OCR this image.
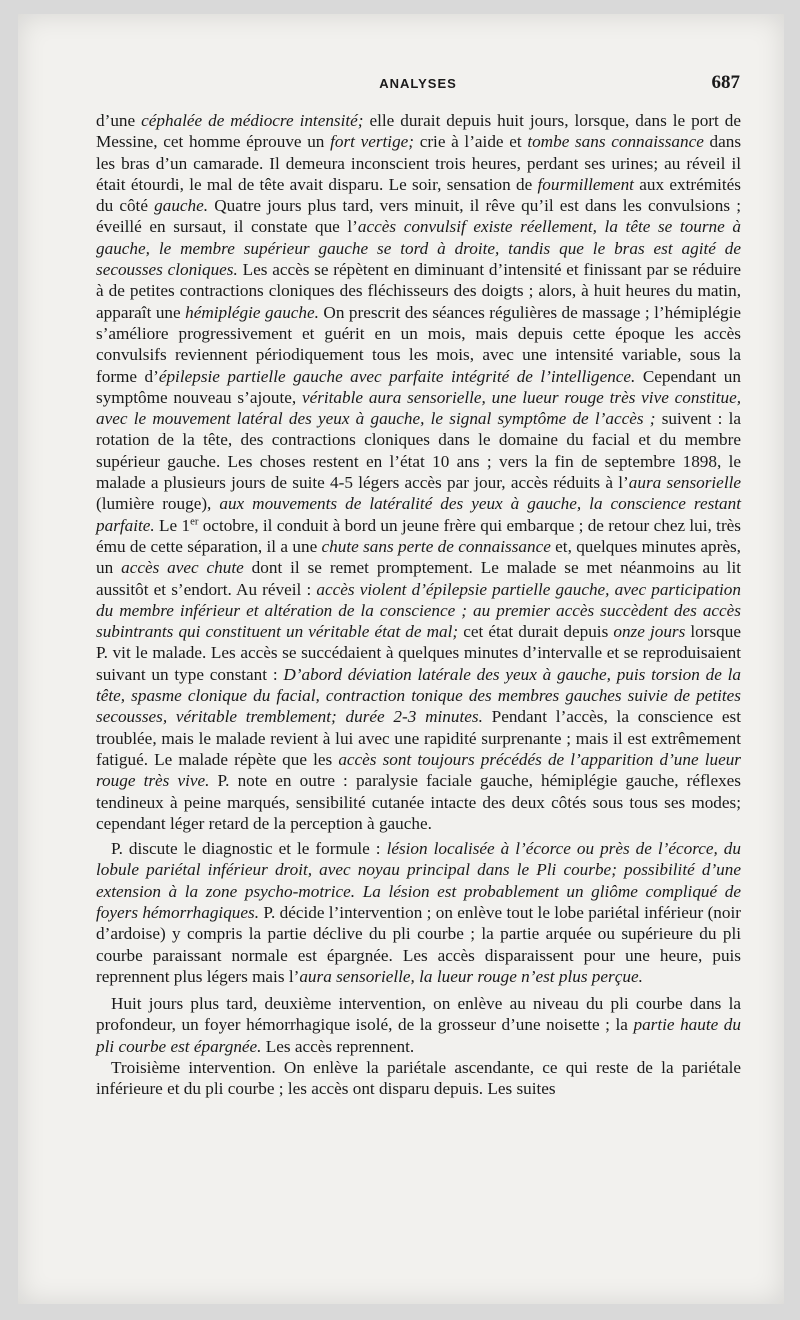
ANALYSES	687

d’une céphalée de médiocre intensité; elle durait depuis huit jours, lorsque, dans le port de Messine, cet homme éprouve un fort vertige; crie à l’aide et tombe sans connaissance dans les bras d’un camarade. Il demeura inconscient trois heures, perdant ses urines; au réveil il était étourdi, le mal de tête avait disparu. Le soir, sensation de fourmillement aux extrémités du côté gauche. Quatre jours plus tard, vers minuit, il rêve qu’il est dans les convulsions ; éveillé en sursaut, il constate que l’accès convulsif existe réellement, la tête se tourne à gauche, le membre supérieur gauche se tord à droite, tandis que le bras est agité de secousses cloniques. Les accès se répètent en diminuant d’intensité et finissant par se réduire à de petites contractions cloniques des fléchisseurs des doigts ; alors, à huit heures du matin, apparaît une hémiplégie gauche. On prescrit des séances régulières de massage ; l’hémiplégie s’améliore progressivement et guérit en un mois, mais depuis cette époque les accès convulsifs reviennent périodiquement tous les mois, avec une intensité variable, sous la forme d’épilepsie partielle gauche avec parfaite intégrité de l’intelligence. Cependant un symptôme nouveau s’ajoute, véritable aura sensorielle, une lueur rouge très vive constitue, avec le mouvement latéral des yeux à gauche, le signal symptôme de l’accès ; suivent : la rotation de la tête, des contractions cloniques dans le domaine du facial et du membre supérieur gauche. Les choses restent en l’état 10 ans ; vers la fin de septembre 1898, le malade a plusieurs jours de suite 4-5 légers accès par jour, accès réduits à l’aura sensorielle (lumière rouge), aux mouvements de latéralité des yeux à gauche, la conscience restant parfaite. Le 1er octobre, il conduit à bord un jeune frère qui embarque ; de retour chez lui, très ému de cette séparation, il a une chute sans perte de connaissance et, quelques minutes après, un accès avec chute dont il se remet promptement. Le malade se met néanmoins au lit aussitôt et s’endort. Au réveil : accès violent d’épilepsie partielle gauche, avec participation du membre inférieur et altération de la conscience ; au premier accès succèdent des accès subintrants qui constituent un véritable état de mal; cet état durait depuis onze jours lorsque P. vit le malade. Les accès se succédaient à quelques minutes d’intervalle et se reproduisaient suivant un type constant : D’abord déviation latérale des yeux à gauche, puis torsion de la tête, spasme clonique du facial, contraction tonique des membres gauches suivie de petites secousses, véritable tremblement; durée 2-3 minutes. Pendant l’accès, la conscience est troublée, mais le malade revient à lui avec une rapidité surprenante ; mais il est extrêmement fatigué. Le malade répète que les accès sont toujours précédés de l’apparition d’une lueur rouge très vive. P. note en outre : paralysie faciale gauche, hémiplégie gauche, réflexes tendineux à peine marqués, sensibilité cutanée intacte des deux côtés sous tous ses modes; cependant léger retard de la perception à gauche.

P. discute le diagnostic et le formule : lésion localisée à l’écorce ou près de l’écorce, du lobule pariétal inférieur droit, avec noyau principal dans le Pli courbe; possibilité d’une extension à la zone psycho-motrice. La lésion est probablement un gliôme compliqué de foyers hémorrhagiques. P. décide l’intervention ; on enlève tout le lobe pariétal inférieur (noir d’ardoise) y compris la partie déclive du pli courbe ; la partie arquée ou supérieure du pli courbe paraissant normale est épargnée. Les accès disparaissent pour une heure, puis reprennent plus légers mais l’aura sensorielle, la lueur rouge n’est plus perçue.

Huit jours plus tard, deuxième intervention, on enlève au niveau du pli courbe dans la profondeur, un foyer hémorrhagique isolé, de la grosseur d’une noisette ; la partie haute du pli courbe est épargnée. Les accès reprennent.

Troisième intervention. On enlève la pariétale ascendante, ce qui reste de la pariétale inférieure et du pli courbe ; les accès ont disparu depuis. Les suites
